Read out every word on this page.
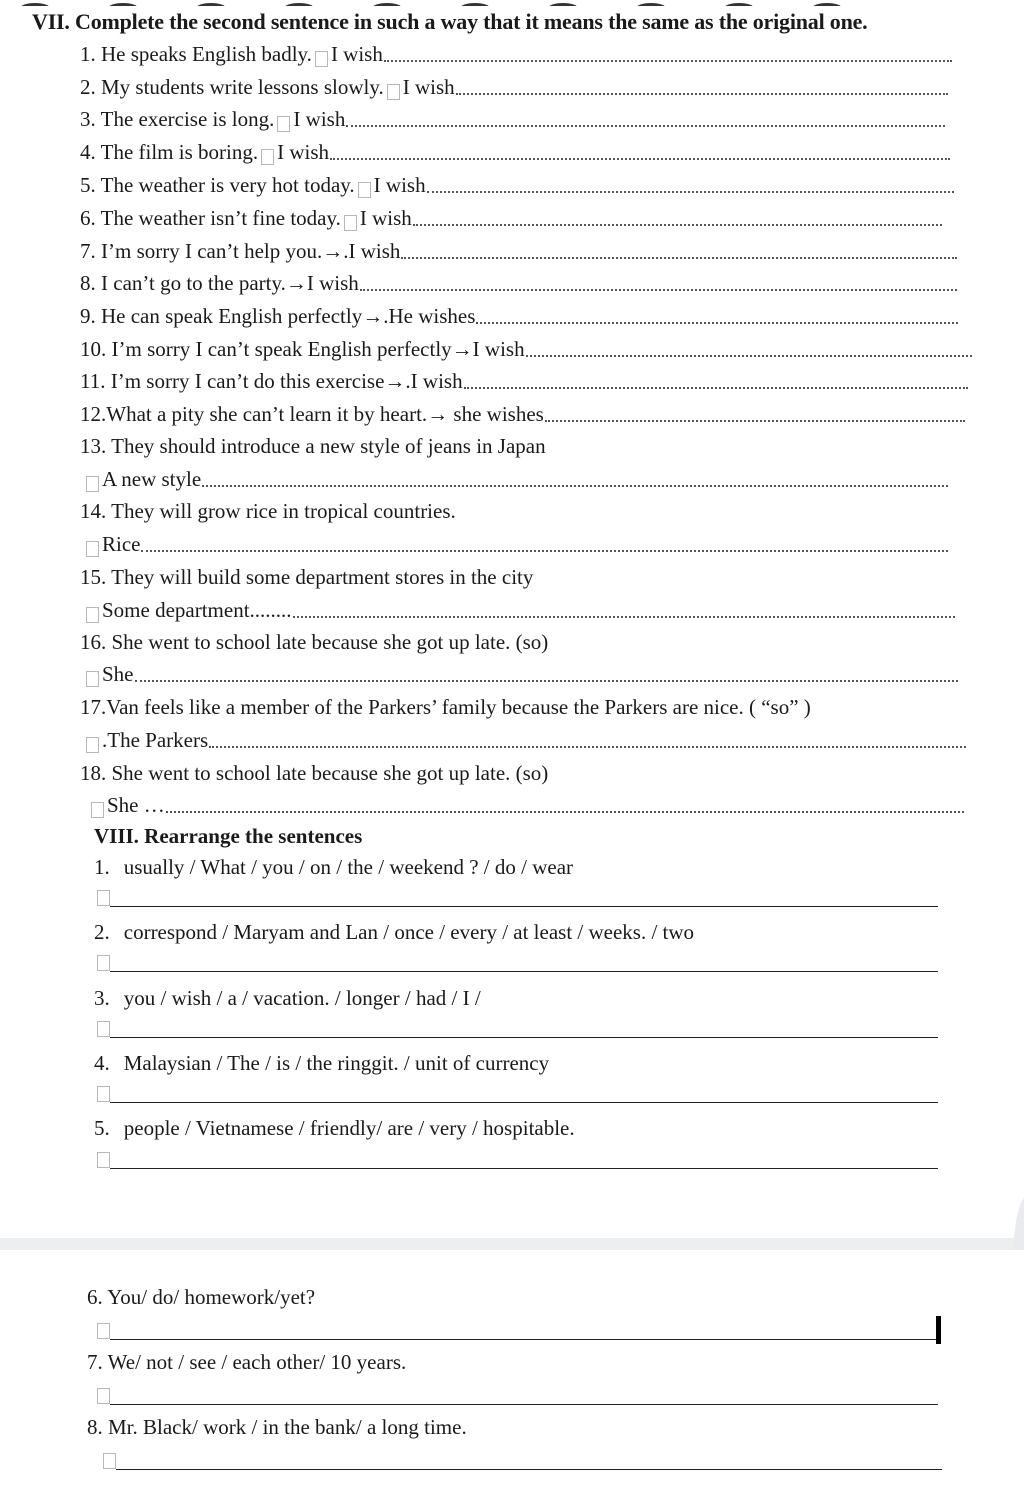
VII. Complete the second sentence in such a way that it means the same as the original one.
1. He speaks English badly. I wish
2. My students write lessons slowly. I wish
3. The exercise is long. I wish
4. The film is boring. I wish
5. The weather is very hot today. I wish
6. The weather isn’t fine today. I wish
7. I’m sorry I can’t help you. →.I wish
8. I can’t go to the party. →I wish
9. He can speak English perfectly →.He wishes
10. I’m sorry I can’t speak English perfectly →I wish
11. I’m sorry I can’t do this exercise →.I wish
12.What a pity she can’t learn it by heart. → she wishes
13. They should introduce a new style of jeans in Japan
A new style
14. They will grow rice in tropical countries.
Rice
15. They will build some department stores in the city
Some department........
16. She went to school late because she got up late. (so)
She
17.Van feels like a member of the Parkers’ family because the Parkers are nice. ( “so” )
.The Parkers
18. She went to school late because she got up late. (so)
She …
VIII. Rearrange the sentences
1. usually / What / you / on / the / weekend ? / do / wear
2. correspond / Maryam and Lan / once / every / at least / weeks. / two
3. you / wish / a / vacation. / longer / had / I /
4. Malaysian / The / is / the ringgit. / unit of currency
5. people / Vietnamese / friendly/ are / very / hospitable.
6. You/ do/ homework/yet?
7. We/ not / see / each other/ 10 years.
8. Mr. Black/ work / in the bank/ a long time.
